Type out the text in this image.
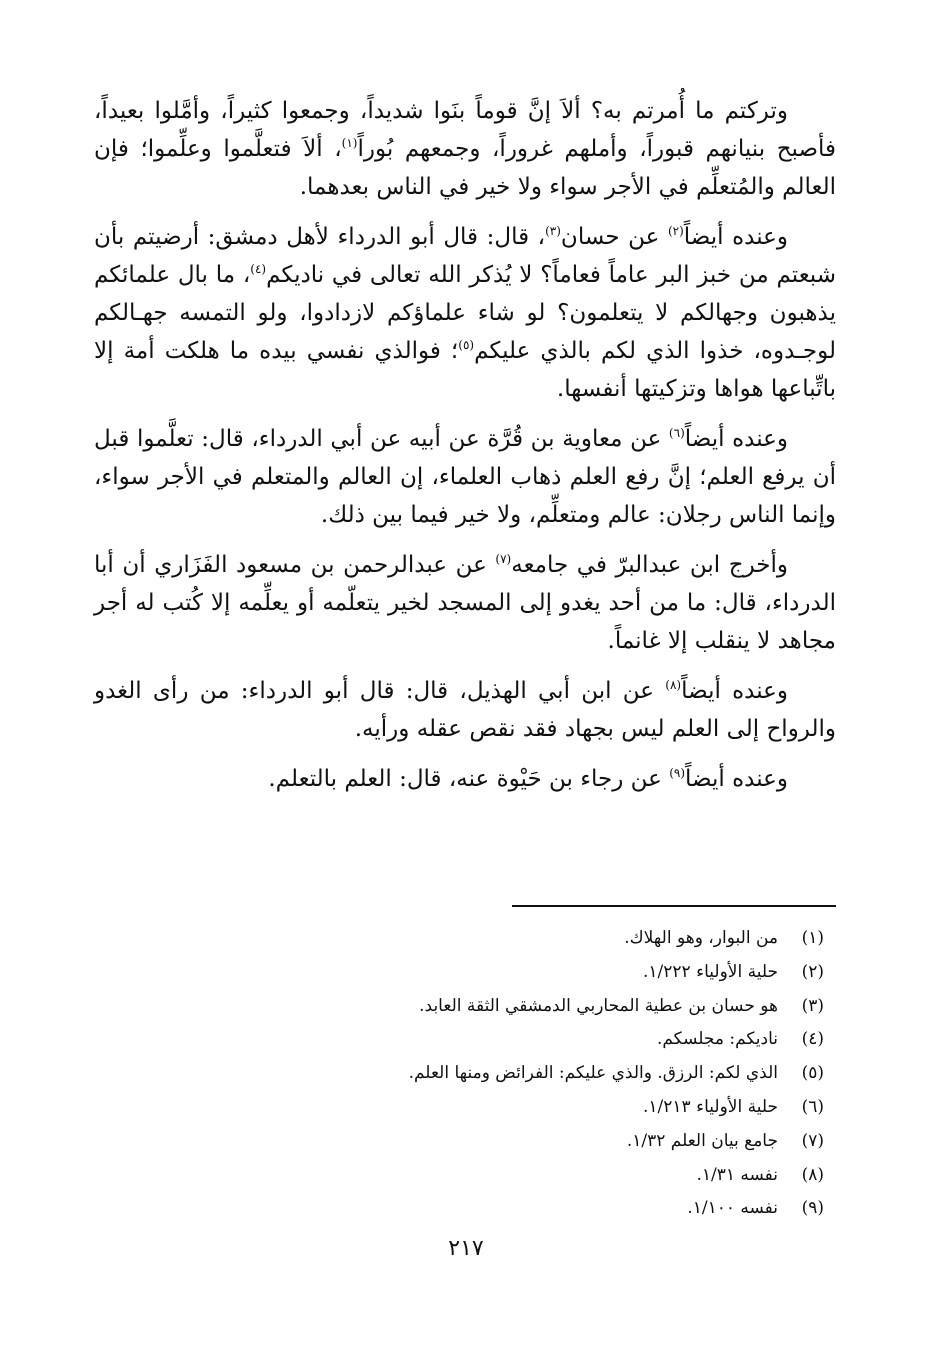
وتركتم ما أُمرتم به؟ ألاَ إنَّ قوماً بنَوا شديداً، وجمعوا كثيراً، وأمَّلوا بعيداً، فأصبح بنيانهم قبوراً، وأملهم غروراً، وجمعهم بُوراً$^{(١)}$، ألاَ فتعلَّموا وعلِّموا؛ فإن العالم والمُتعلِّم في الأجر سواء ولا خير في الناس بعدهما.

وعنده أيضاً$^{(٢)}$ عن حسان$^{(٣)}$، قال: قال أبو الدرداء لأهل دمشق: أرضيتم بأن شبعتم من خبز البر عاماً فعاماً؟ لا يُذكر الله تعالى في ناديكم$^{(٤)}$، ما بال علمائكم يذهبون وجهالكم لا يتعلمون؟ لو شاء علماؤكم لازدادوا، ولو التمسه جهـالكم لوجـدوه، خذوا الذي لكم بالذي عليكم$^{(٥)}$؛ فوالذي نفسي بيده ما هلكت أمة إلا باتِّباعها هواها وتزكيتها أنفسها.

وعنده أيضاً$^{(٦)}$ عن معاوية بن قُرَّة عن أبيه عن أبي الدرداء، قال: تعلَّموا قبل أن يرفع العلم؛ إنَّ رفع العلم ذهاب العلماء، إن العالم والمتعلم في الأجر سواء، وإنما الناس رجلان: عالم ومتعلِّم، ولا خير فيما بين ذلك.

وأخرج ابن عبدالبرّ في جامعه$^{(٧)}$ عن عبدالرحمن بن مسعود الفَزَاري أن أبا الدرداء، قال: ما من أحد يغدو إلى المسجد لخير يتعلّمه أو يعلِّمه إلا كُتب له أجر مجاهد لا ينقلب إلا غانماً.

وعنده أيضاً$^{(٨)}$ عن ابن أبي الهذيل، قال: قال أبو الدرداء: من رأى الغدو والرواح إلى العلم ليس بجهاد فقد نقص عقله ورأيه.

وعنده أيضاً$^{(٩)}$ عن رجاء بن حَيْوة عنه، قال: العلم بالتعلم.

(١)
من البوار، وهو الهلاك.
(٢)
حلية الأولياء ١/٢٢٢.
(٣)
هو حسان بن عطية المحاربي الدمشقي الثقة العابد.
(٤)
ناديكم: مجلسكم.
(٥)
الذي لكم: الرزق. والذي عليكم: الفرائض ومنها العلم.
(٦)
حلية الأولياء ١/٢١٣.
(٧)
جامع بيان العلم ١/٣٢.
(٨)
نفسه ١/٣١.
(٩)
نفسه ١/١٠٠.
٢١٧
